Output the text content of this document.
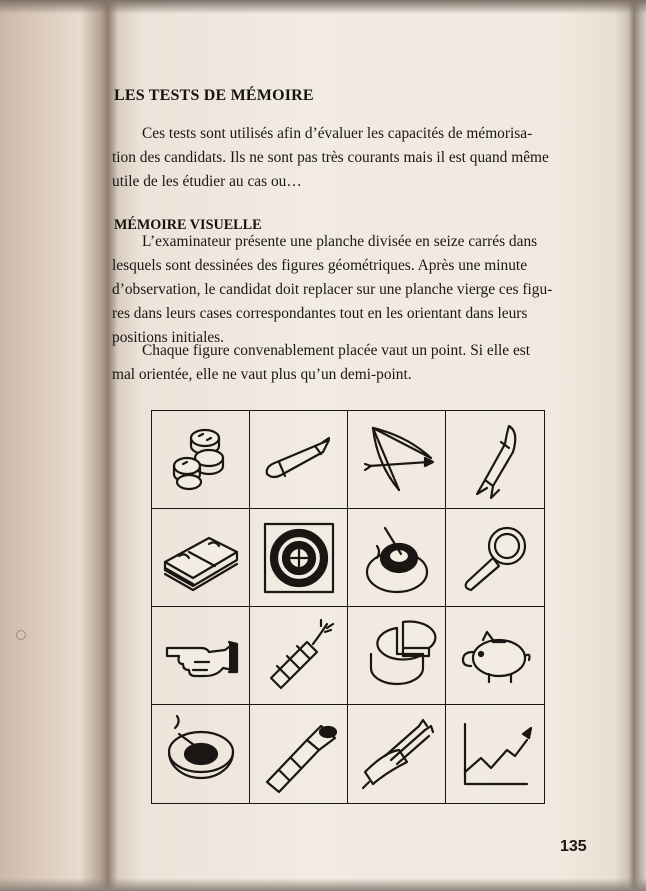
LES TESTS DE MÉMOIRE
Ces tests sont utilisés afin d’évaluer les capacités de mémorisa-
tion des candidats. Ils ne sont pas très courants mais il est quand même
utile de les étudier au cas ou…
MÉMOIRE VISUELLE
L’examinateur présente une planche divisée en seize carrés dans
lesquels sont dessinées des figures géométriques. Après une minute
d’observation, le candidat doit replacer sur une planche vierge ces figu-
res dans leurs cases correspondantes tout en les orientant dans leurs
positions initiales.
Chaque figure convenablement placée vaut un point. Si elle est
mal orientée, elle ne vaut plus qu’un demi-point.
135
